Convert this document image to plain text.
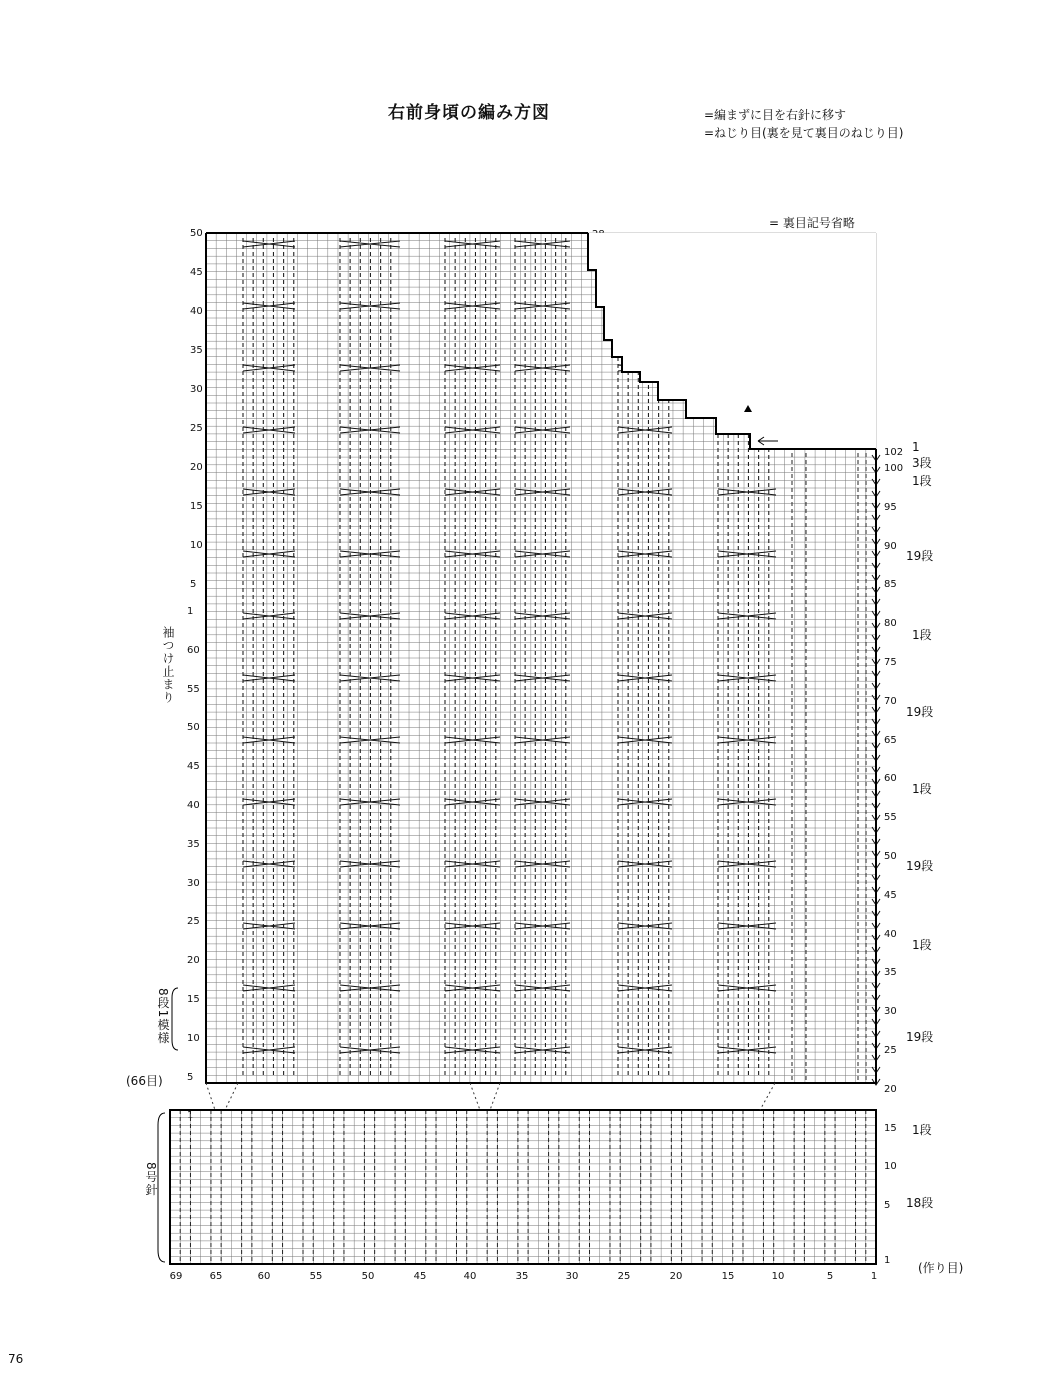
右前身頃の編み方図	=編まずに目を右針に移す
=ねじり目(裏を見て裏目のねじり目)
= 裏目記号省略
袖つけ止まり
8段1模様
(66目)
8号針
(作り目)
76
50
45
40
35
30
25
20
15
10
5
1
60
55
50
45
40
35
30
25
20
15
10
5
1
102
100
95
90
85
80
75
70
65
60
55
50
45
40
35
30
25
20
15
10
5
1
1
3段
1段
19段
1段
19段
1段
19段
1段
19段
1段
18段
69	65	60	55	50	45	40	35	30	25	20	15	10	5	1
